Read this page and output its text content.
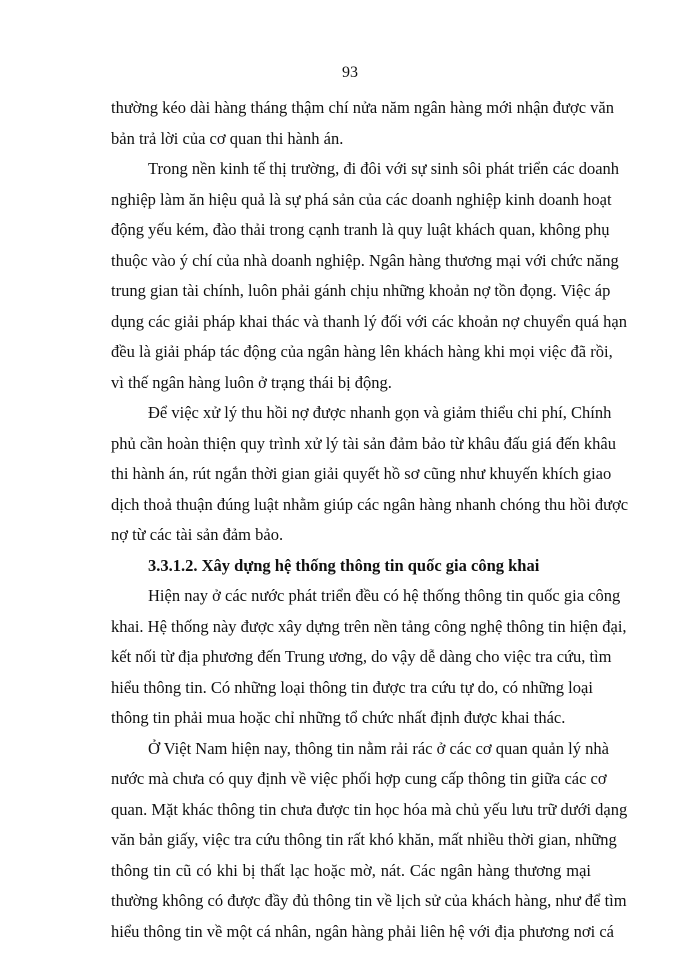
93

thường kéo dài hàng tháng thậm chí nửa năm ngân hàng mới nhận được văn
bản trả lời của cơ quan thi hành án.

Trong nền kinh tế thị trường, đi đôi với sự sinh sôi phát triển các doanh
nghiệp làm ăn hiệu quả là sự phá sản của các doanh nghiệp kinh doanh hoạt
động yếu kém, đào thải trong cạnh tranh là quy luật khách quan, không phụ
thuộc vào ý chí của nhà doanh nghiệp. Ngân hàng thương mại với chức năng
trung gian tài chính, luôn phải gánh chịu những khoản nợ tồn đọng. Việc áp
dụng các giải pháp khai thác và thanh lý đối với các khoản nợ chuyển quá hạn
đều là giải pháp tác động của ngân hàng lên khách hàng khi mọi việc đã rồi,
vì thế ngân hàng luôn ở trạng thái bị động.

Để việc xử lý thu hồi nợ được nhanh gọn và giảm thiểu chi phí, Chính
phủ cần hoàn thiện quy trình xử lý tài sản đảm bảo từ khâu đấu giá đến khâu
thi hành án, rút ngắn thời gian giải quyết hồ sơ cũng như khuyến khích giao
dịch thoả thuận đúng luật nhằm giúp các ngân hàng nhanh chóng thu hồi được
nợ từ các tài sản đảm bảo.

3.3.1.2. Xây dựng hệ thống thông tin quốc gia công khai

Hiện nay ở các nước phát triển đều có hệ thống thông tin quốc gia công
khai. Hệ thống này được xây dựng trên nền tảng công nghệ thông tin hiện đại,
kết nối từ địa phương đến Trung ương, do vậy dễ dàng cho việc tra cứu, tìm
hiểu thông tin. Có những loại thông tin được tra cứu tự do, có những loại
thông tin phải mua hoặc chỉ những tổ chức nhất định được khai thác.

Ở Việt Nam hiện nay, thông tin nằm rải rác ở các cơ quan quản lý nhà
nước mà chưa có quy định về việc phối hợp cung cấp thông tin giữa các cơ
quan. Mặt khác thông tin chưa được tin học hóa mà chủ yếu lưu trữ dưới dạng
văn bản giấy, việc tra cứu thông tin rất khó khăn, mất nhiều thời gian, những
thông tin cũ có khi bị thất lạc hoặc mờ, nát. Các ngân hàng thương mại
thường không có được đầy đủ thông tin về lịch sử của khách hàng, như để tìm
hiểu thông tin về một cá nhân, ngân hàng phải liên hệ với địa phương nơi cá
